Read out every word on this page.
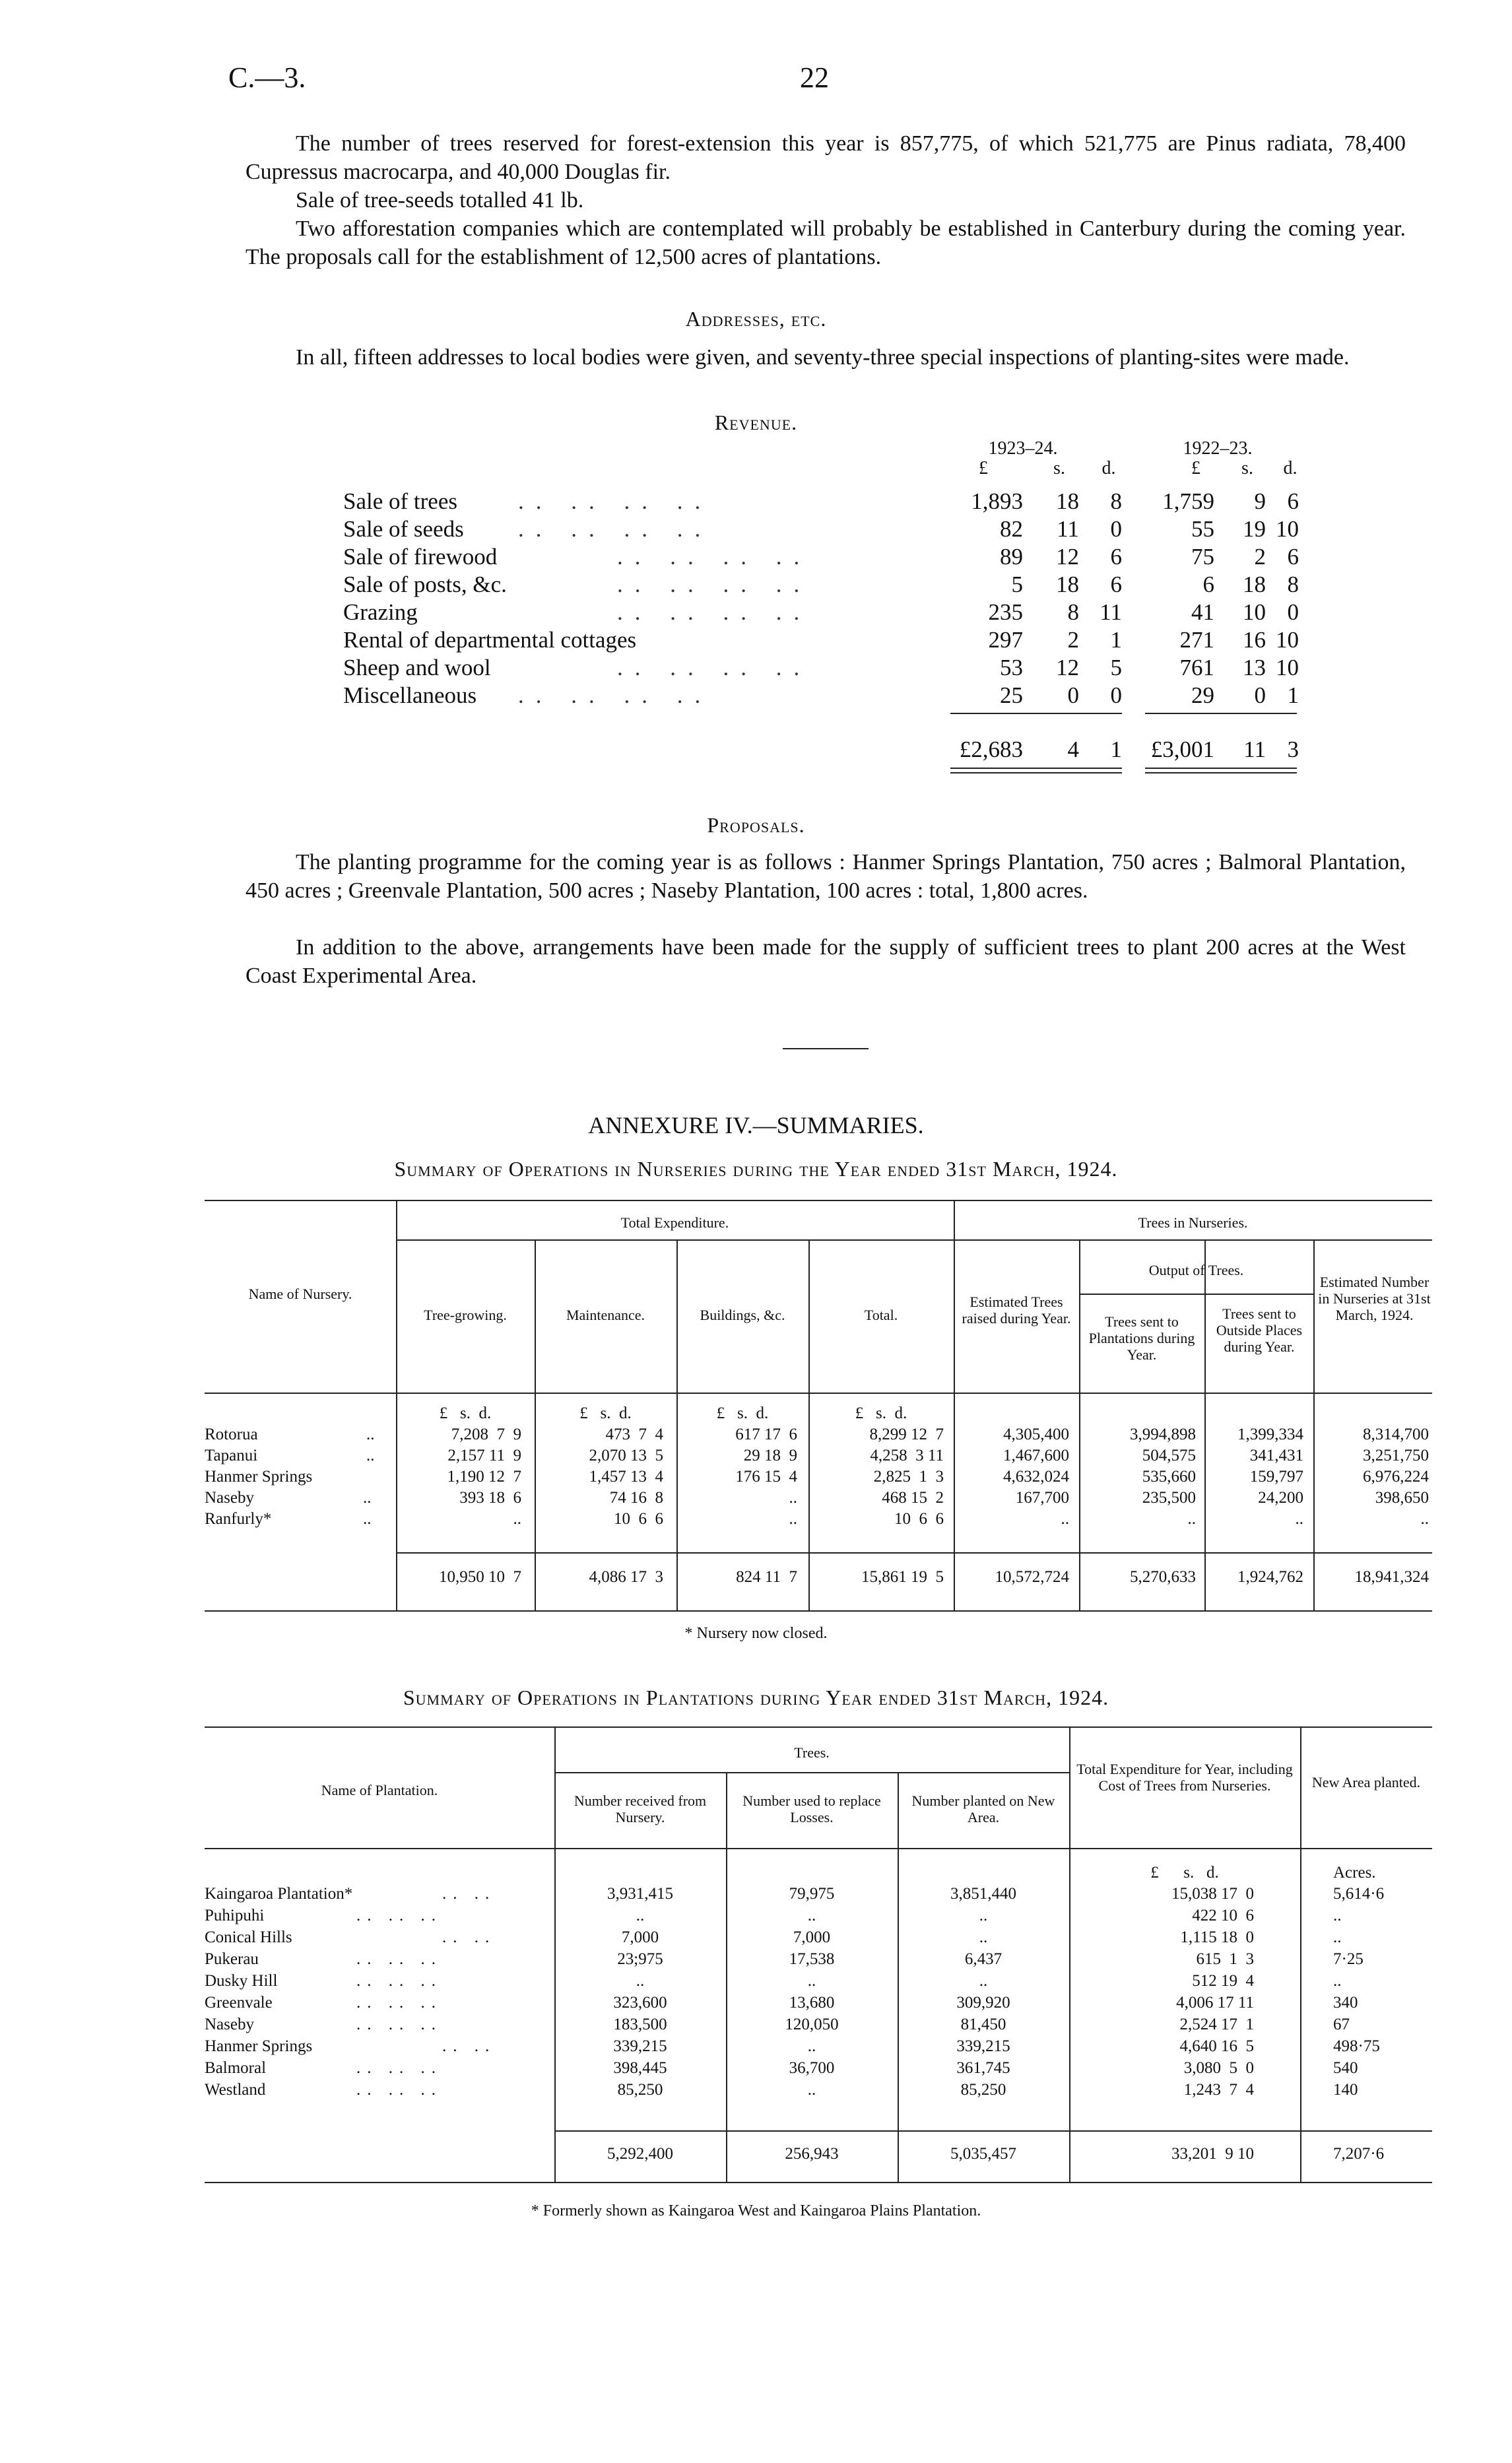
C.—3.	22
The number of trees reserved for forest-extension this year is 857,775, of which 521,775 are Pinus radiata, 78,400 Cupressus macrocarpa, and 40,000 Douglas fir.
Sale of tree-seeds totalled 41 lb.
Two afforestation companies which are contemplated will probably be established in Canterbury during the coming year. The proposals call for the establishment of 12,500 acres of plantations.
Addresses, etc.
In all, fifteen addresses to local bodies were given, and seventy-three special inspections of planting-sites were made.
Revenue.
1923–24.	1922–23.
£	£
s.	s.
d.	d.
Sale of trees	.. .. .. ..	1,893	18	8	1,759	9 6
Sale of seeds .. .. .. ..	82	11	0	55	19 10
Sale of firewood	.. .. .. ..	89	12	6	75	2 6
Sale of posts, &c.	.. .. .. ..	5	18	6	6	18 8
Grazing	.. .. .. ..	235	8 11	41	10 0
Rental of departmental cottages	297	2	1	271	16 10
Sheep and wool	.. .. .. ..	53	12	5	761	13 10
Miscellaneous .. .. .. ..	25	0	0	29	0 1
£2,683	4	1	£3,001	11 3
Proposals.
The planting programme for the coming year is as follows : Hanmer Springs Plantation, 750 acres ; Balmoral Plantation, 450 acres ; Greenvale Plantation, 500 acres ; Naseby Plantation, 100 acres : total, 1,800 acres.
In addition to the above, arrangements have been made for the supply of sufficient trees to plant 200 acres at the West Coast Experimental Area.
ANNEXURE IV.—SUMMARIES.
Summary of Operations in Nurseries during the Year ended 31st March, 1924.
Name of Nursery.
Total Expenditure.	Trees in Nurseries.
Tree-growing.	Maintenance.	Buildings, &c.	Total.
Estimated Trees raised during Year.
Output of Trees.
Trees sent to Plantations during Year.
Trees sent to Outside Places during Year.
Estimated Number in Nurseries at 31st March, 1924.
£   s.  d.	£   s.  d.	£   s.  d.	£   s.  d.
Rotorua	..	7,208  7  9	473  7  4	617 17  6	8,299 12  7	4,305,400	3,994,898	1,399,334	8,314,700
Tapanui	..	2,157 11  9	2,070 13  5	29 18  9	4,258  3 11	1,467,600	504,575	341,431	3,251,750
Hanmer Springs	1,190 12  7	1,457 13  4	176 15  4	2,825  1  3	4,632,024	535,660	159,797	6,976,224
Naseby	..	393 18  6	74 16  8	..	468 15  2	167,700	235,500	24,200	398,650
Ranfurly*	..	..	10  6  6	..	10  6  6	..	..	..	..
10,950 10  7	4,086 17  3	824 11  7	15,861 19  5	10,572,724	5,270,633	1,924,762	18,941,324
* Nursery now closed.
Summary of Operations in Plantations during Year ended 31st March, 1924.
Name of Plantation.
Trees.
Number received from Nursery.
Number used to replace Losses.
Number planted on New Area.
Total Expenditure for Year, including Cost of Trees from Nurseries.	New Area planted.
£      s.   d.	Acres.
Kaingaroa Plantation*	.. ..	3,931,415	79,975	3,851,440	15,038 17  0	5,614·6
Puhipuhi	.. .. ..	..	..	..	422 10  6	..
Conical Hills	.. ..	7,000	7,000	..	1,115 18  0	..
Pukerau	.. .. ..	23;975	17,538	6,437	615  1  3	7·25
Dusky Hill	.. .. ..	..	..	..	512 19  4	..
Greenvale	.. .. ..	323,600	13,680	309,920	4,006 17 11	340
Naseby	.. .. ..	183,500	120,050	81,450	2,524 17  1	67
Hanmer Springs	.. ..	339,215	..	339,215	4,640 16  5	498·75
Balmoral	.. .. ..	398,445	36,700	361,745	3,080  5  0	540
Westland	.. .. ..	85,250	..	85,250	1,243  7  4	140
5,292,400	256,943	5,035,457	33,201  9 10	7,207·6
* Formerly shown as Kaingaroa West and Kaingaroa Plains Plantation.
